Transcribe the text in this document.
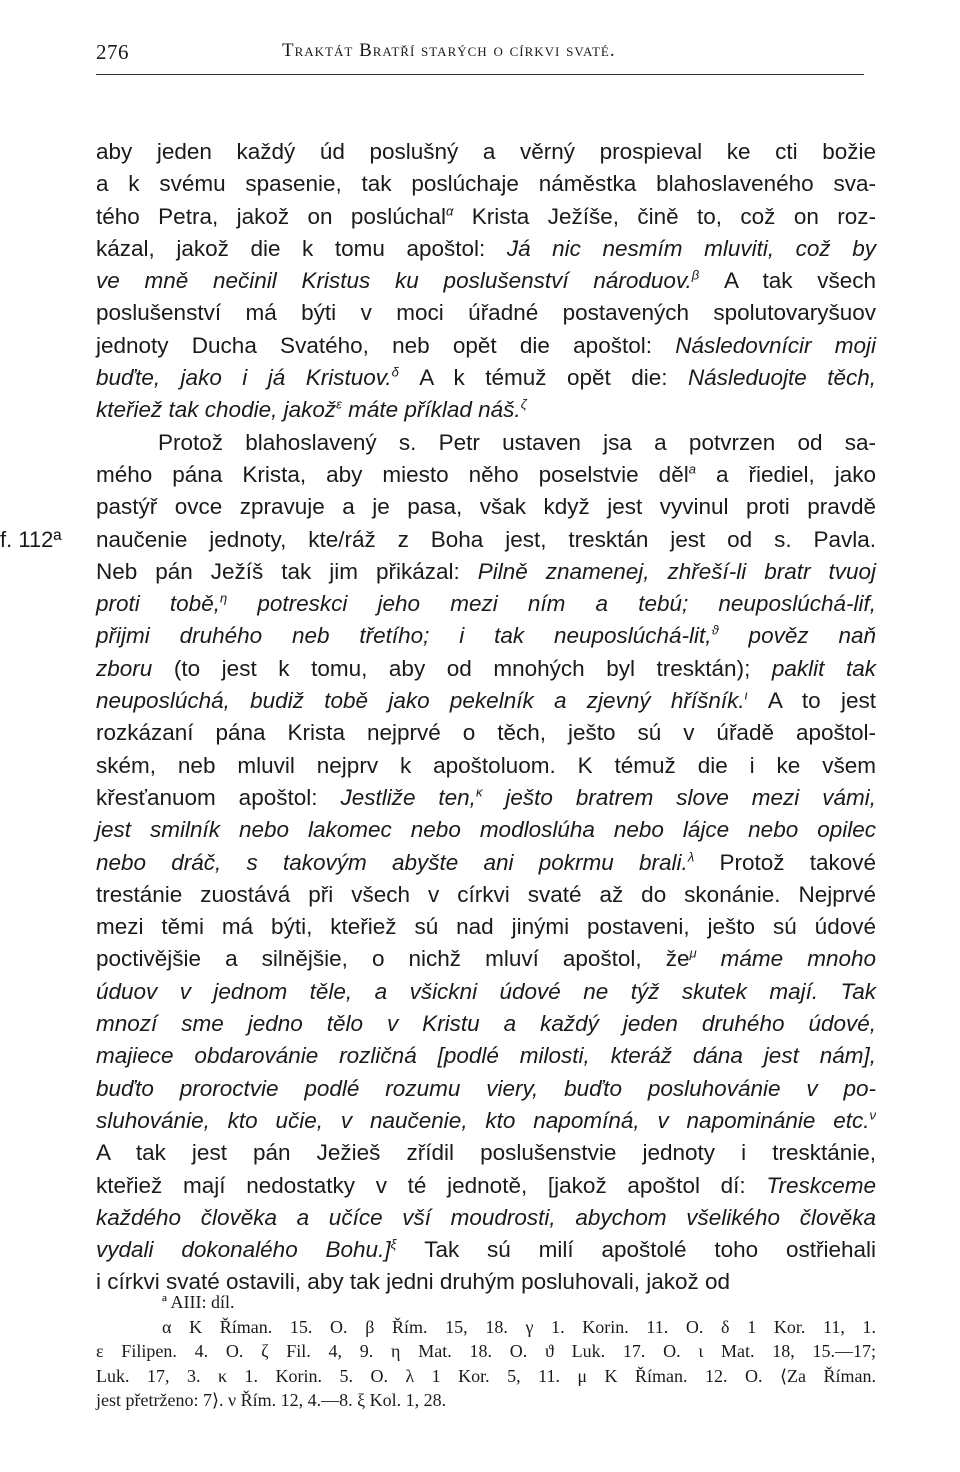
276	Traktát Bratří starých o církvi svaté.
f. 112ª
aby jeden každý úd poslušný a věrný prospieval ke cti božie
a k svému spasenie, tak poslúchaje náměstka blahoslaveného sva-
tého Petra, jakož on poslúchal$^\alpha$ Krista Ježíše, čině to, což on roz-
kázal, jakož die k tomu apoštol: Já nic nesmím mluviti, což by
ve mně nečinil Kristus ku poslušenství národuov.$^\beta$ A tak všech
poslušenství má býti v moci úřadné postavených spolutovaryšuov
jednoty Ducha Svatého, neb opět die apoštol: Následovnícir moji
buďte, jako i já Kristuov.$^\delta$ A k témuž opět die: Následuojte těch,
kteřiež tak chodie, jakož$^\varepsilon$ máte příklad náš.$^\zeta$
Protož blahoslavený s. Petr ustaven jsa a potvrzen od sa-
mého pána Krista, aby miesto něho poselstvie děl$^a$ a řiediel, jako
pastýř ovce zpravuje a je pasa, však když jest vyvinul proti pravdě
naučenie jednoty, kte/ráž z Boha jest, tresktán jest od s. Pavla.
Neb pán Ježíš tak jim přikázal: Pilně znamenej, zhřeší-li bratr tvuoj
proti tobě,$^\eta$ potreskci jeho mezi ním a tebú; neuposlúchá-lif,
přijmi druhého neb třetího; i tak neuposlúchá-lit,$^ϑ$ pověz naň
zboru (to jest k tomu, aby od mnohých byl tresktán); paklit tak
neuposlúchá, budiž tobě jako pekelník a zjevný hříšník.$^\iota$ A to jest
rozkázaní pána Krista nejprvé o těch, ješto sú v úřadě apoštol-
ském, neb mluvil nejprv k apoštoluom. K témuž die i ke všem
křesťanuom apoštol: Jestliže ten,$^\kappa$ ješto bratrem slove mezi vámi,
jest smilník nebo lakomec nebo modloslúha nebo lájce nebo opilec
nebo dráč, s takovým abyšte ani pokrmu brali.$^\lambda$ Protož takové
trestánie zuostává při všech v církvi svaté až do skonánie. Nejprvé
mezi těmi má býti, kteřiež sú nad jinými postaveni, ješto sú údové
poctivějšie a silnějšie, o nichž mluví apoštol, že$^\mu$ máme mnoho
úduov v jednom těle, a všickni údové ne týž skutek mají. Tak
mnozí sme jedno tělo v Kristu a každý jeden druhého údové,
majiece obdarovánie rozličná [podlé milosti, kteráž dána jest nám],
buďto proroctvie podlé rozumu viery, buďto posluhovánie v po-
sluhovánie, kto učie, v naučenie, kto napomíná, v napominánie etc.$^\nu$
A tak jest pán Ježieš zřídil poslušenstvie jednoty i tresktánie,
kteřiež mají nedostatky v té jednotě, [jakož apoštol dí: Treskceme
každého člověka a učíce vší moudrosti, abychom všelikého člověka
vydali dokonalého Bohu.]$^\xi$ Tak sú milí apoštolé toho ostřiehali
i církvi svaté ostavili, aby tak jedni druhým posluhovali, jakož od
ª AIII: díl.
α K Říman. 15. O. β Řím. 15, 18. γ 1. Korin. 11. O. δ 1 Kor. 11, 1.
ε Filipen. 4. O. ζ Fil. 4, 9. η Mat. 18. O. ϑ Luk. 17. O. ι Mat. 18, 15.—17;
Luk. 17, 3. κ 1. Korin. 5. O. λ 1 Kor. 5, 11. μ K Říman. 12. O. ⟨Za Říman.
jest přetrženo: 7⟩. ν Řím. 12, 4.—8. ξ Kol. 1, 28.
